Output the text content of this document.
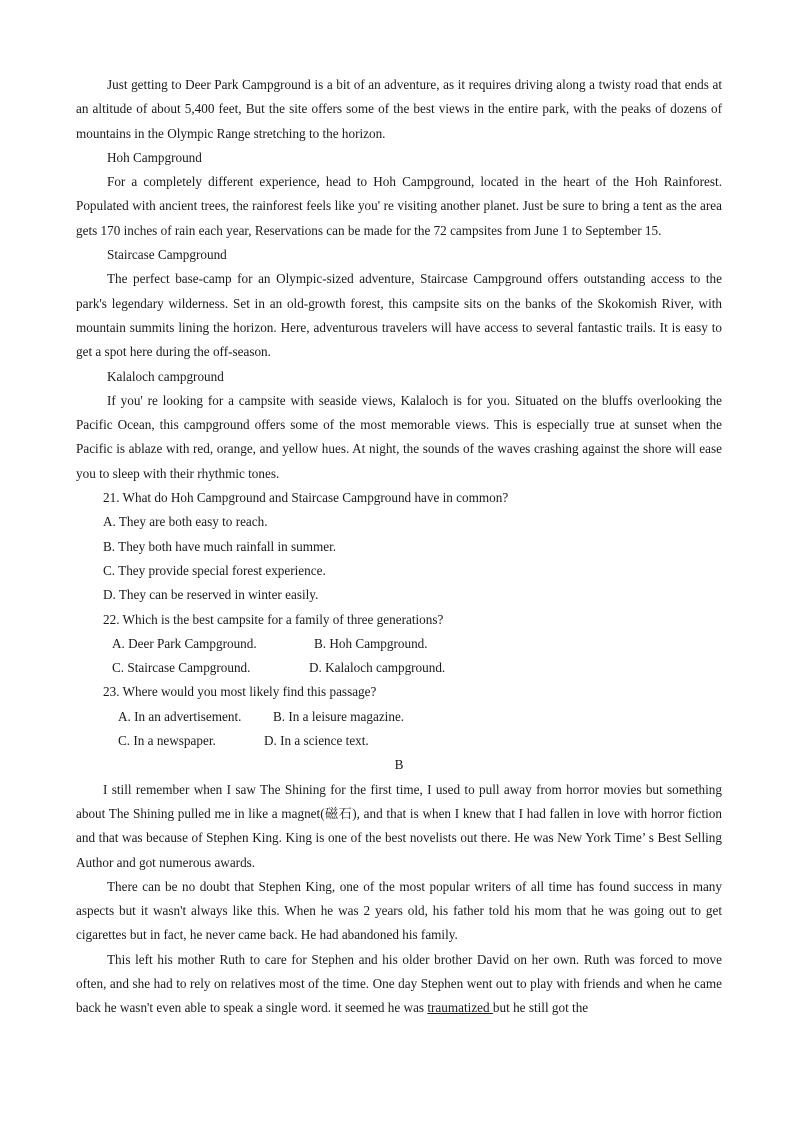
Just getting to Deer Park Campground is a bit of an adventure, as it requires driving along a twisty road that ends at an altitude of about 5,400 feet, But the site offers some of the best views in the entire park, with the peaks of dozens of mountains in the Olympic Range stretching to the horizon.

Hoh Campground

For a completely different experience, head to Hoh Campground, located in the heart of the Hoh Rainforest. Populated with ancient trees, the rainforest feels like you' re visiting another planet. Just be sure to bring a tent as the area gets 170 inches of rain each year, Reservations can be made for the 72 campsites from June 1 to September 15.

Staircase Campground

The perfect base-camp for an Olympic-sized adventure, Staircase Campground offers outstanding access to the park's legendary wilderness. Set in an old-growth forest, this campsite sits on the banks of the Skokomish River, with mountain summits lining the horizon. Here, adventurous travelers will have access to several fantastic trails. It is easy to get a spot here during the off-season.

Kalaloch campground

If you' re looking for a campsite with seaside views, Kalaloch is for you. Situated on the bluffs overlooking the Pacific Ocean, this campground offers some of the most memorable views. This is especially true at sunset when the Pacific is ablaze with red, orange, and yellow hues. At night, the sounds of the waves crashing against the shore will ease you to sleep with their rhythmic tones.

21. What do Hoh Campground and Staircase Campground have in common?

A. They are both easy to reach.

B. They both have much rainfall in summer.

C. They provide special forest experience.

D. They can be reserved in winter easily.

22. Which is the best campsite for a family of three generations?

A. Deer Park Campground.	B. Hoh Campground.

C. Staircase Campground.	D. Kalaloch campground.

23. Where would you most likely find this passage?

A. In an advertisement.	B. In a leisure magazine.

C. In a newspaper.	D. In a science text.

B

I still remember when I saw The Shining for the first time, I used to pull away from horror movies but something about The Shining pulled me in like a magnet(磁石), and that is when I knew that I had fallen in love with horror fiction and that was because of Stephen King. King is one of the best novelists out there. He was New York Time’ s Best Selling Author and got numerous awards.

There can be no doubt that Stephen King, one of the most popular writers of all time has found success in many aspects but it wasn't always like this. When he was 2 years old, his father told his mom that he was going out to get cigarettes but in fact, he never came back. He had abandoned his family.

This left his mother Ruth to care for Stephen and his older brother David on her own. Ruth was forced to move often, and she had to rely on relatives most of the time. One day Stephen went out to play with friends and when he came back he wasn't even able to speak a single word. it seemed he was traumatized but he still got the
